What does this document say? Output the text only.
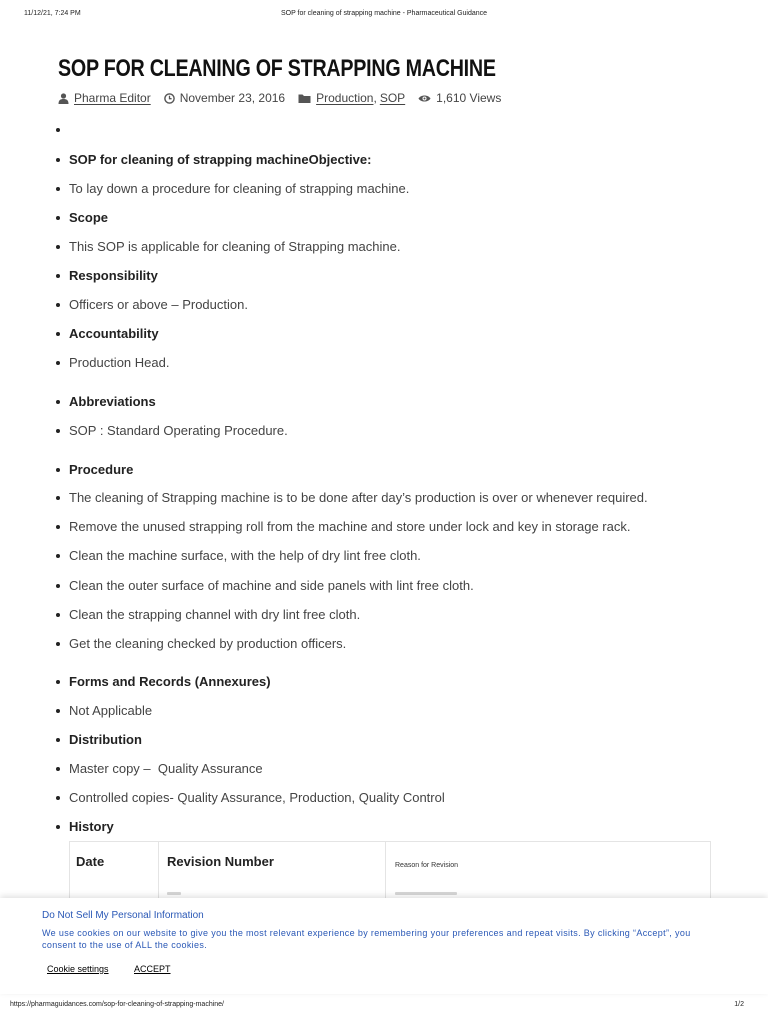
11/12/21, 7:24 PM	SOP for cleaning of strapping machine - Pharmaceutical Guidance
SOP FOR CLEANING OF STRAPPING MACHINE
Pharma Editor November 23, 2016	Production , SOP	1,610 Views
SOP for cleaning of strapping machineObjective:
To lay down a procedure for cleaning of strapping machine.
Scope
This SOP is applicable for cleaning of Strapping machine.
Responsibility
Officers or above – Production.
Accountability
Production Head.
Abbreviations
SOP : Standard Operating Procedure.
Procedure
The cleaning of Strapping machine is to be done after day’s production is over or whenever required.
Remove the unused strapping roll from the machine and store under lock and key in storage rack.
Clean the machine surface, with the help of dry lint free cloth.
Clean the outer surface of machine and side panels with lint free cloth.
Clean the strapping channel with dry lint free cloth.
Get the cleaning checked by production officers.
Forms and Records (Annexures)
Not Applicable
Distribution
Master copy –  Quality Assurance
Controlled copies- Quality Assurance, Production, Quality Control
History
Date	Revision Number	Reason for Revision
Do Not Sell My Personal Information
We use cookies on our website to give you the most relevant experience by remembering your preferences and repeat visits. By clicking “Accept”, you consent to the use of ALL the cookies.
Cookie settings	ACCEPT
https://pharmaguidances.com/sop-for-cleaning-of-strapping-machine/	1/2
